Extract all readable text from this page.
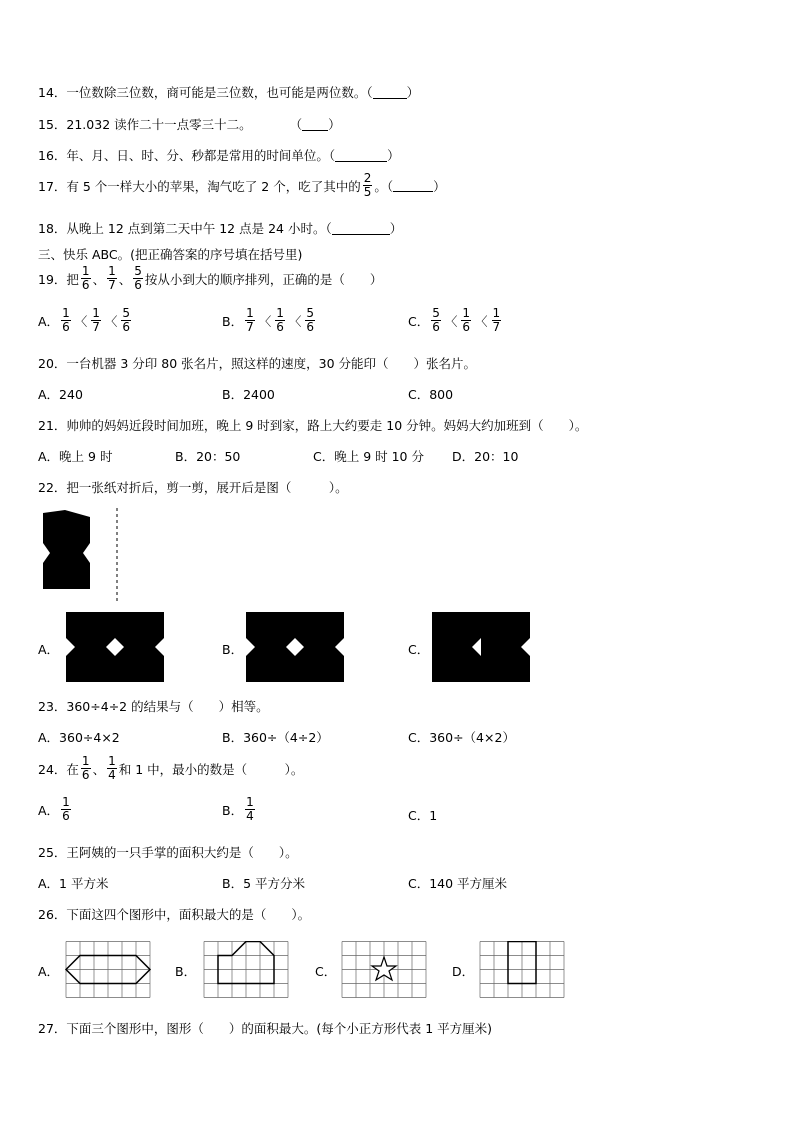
14． 一位数除三位数，商可能是三位数，也可能是两位数。（	）
15． 21.032 读作二十一点零三十二。	（ ）
16． 年、月、日、时、分、秒都是常用的时间单位。（	）
17． 有 5 个一样大小的苹果，淘气吃了 2 个，吃了其中的 $\frac{2}{5}$ 。（	）
18． 从晚上 12 点到第二天中午 12 点是 24 小时。（	）
三、快乐 ABC。(把正确答案的序号填在括号里)
19． 把 $\frac{1}{6}$ 、 $\frac{1}{7}$ 、 $\frac{5}{6}$ 按从小到大的顺序排列，正确的是（　　）
A． $\frac{1}{6}$ 〈 $\frac{1}{7}$ 〈 $\frac{5}{6}$	B． $\frac{1}{7}$ 〈 $\frac{1}{6}$ 〈 $\frac{5}{6}$	C． $\frac{5}{6}$ 〈 $\frac{1}{6}$ 〈 $\frac{1}{7}$
20． 一台机器 3 分印 80 张名片，照这样的速度，30 分能印（　　）张名片。
A．240	B．2400	C．800
21． 帅帅的妈妈近段时间加班，晚上 9 时到家，路上大约要走 10 分钟。妈妈大约加班到（　　）。
A．晚上 9 时	B．20：50	C．晚上 9 时 10 分 D．20：10
22． 把一张纸对折后，剪一剪，展开后是图（　　　）。
A．	B．	C．
23． 360÷4÷2 的结果与（　　）相等。
A．360÷4×2	B．360÷（4÷2）	C．360÷（4×2）
24． 在 $\frac{1}{6}$ 、 $\frac{1}{4}$ 和 1 中，最小的数是（　　　）。
A． $\frac{1}{6}$	B． $\frac{1}{4}$	C．1
25． 王阿姨的一只手掌的面积大约是（　　）。
A．1 平方米	B．5 平方分米	C．140 平方厘米
26． 下面这四个图形中，面积最大的是（　　）。
A．	B．	C．	D．
27． 下面三个图形中，图形（　　）的面积最大。(每个小正方形代表 1 平方厘米)
